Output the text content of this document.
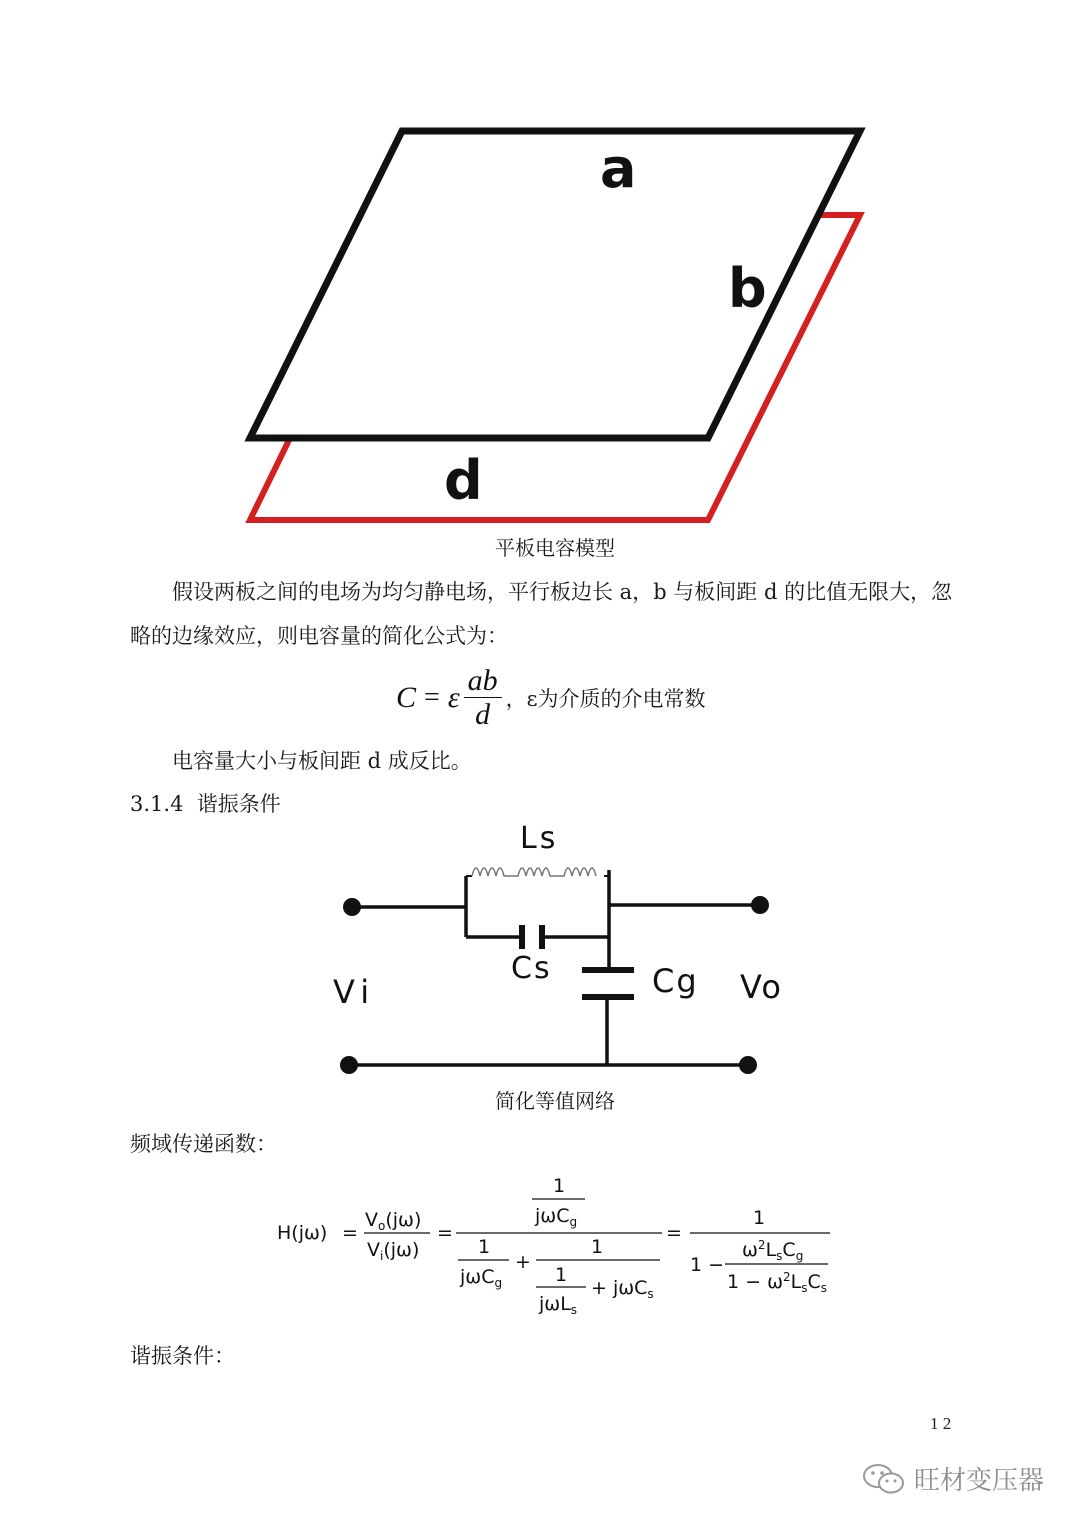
a
b
d
平板电容模型
假设两板之间的电场为均匀静电场，平行板边长 a，b 与板间距 d 的比值无限大，忽
略的边缘效应，则电容量的简化公式为：
C = ε $\frac{ab}{d}$ ，ε为介质的介电常数
电容量大小与板间距 d 成反比。
3.1.4  谐振条件
Ls
Cs	Cg
Vi	Vo
简化等值网络
频域传递函数：
H(jω) =
$V_o(j\omega)$
$V_i(j\omega)$
=
1
jωC$_g$
1
jωC$_g$
+
1
1
jωL$_s$
+ jωC$_s$
=
1
1 −
$\omega^2L_sC_g$
$1 - \omega^2L_sC_s$
谐振条件：
1 2
旺材变压器
